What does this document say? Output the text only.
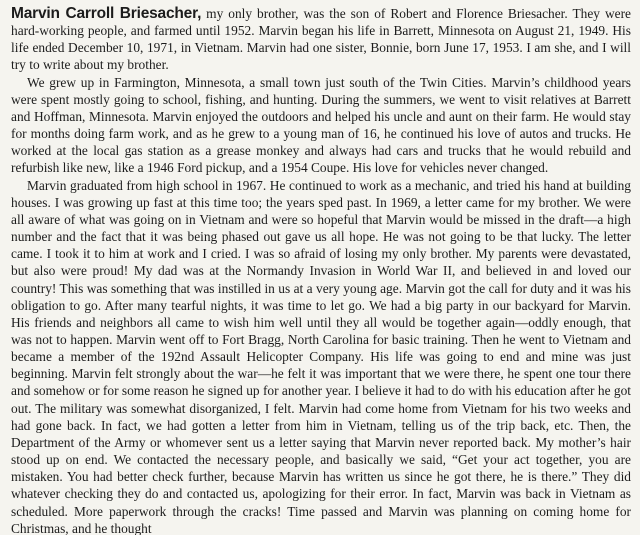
Marvin Carroll Briesacher, my only brother, was the son of Robert and Florence Briesacher. They were hard-working people, and farmed until 1952. Marvin began his life in Barrett, Minnesota on August 21, 1949. His life ended December 10, 1971, in Vietnam. Marvin had one sister, Bonnie, born June 17, 1953. I am she, and I will try to write about my brother.

We grew up in Farmington, Minnesota, a small town just south of the Twin Cities. Marvin’s childhood years were spent mostly going to school, fishing, and hunting. During the summers, we went to visit relatives at Barrett and Hoffman, Minnesota. Marvin enjoyed the outdoors and helped his uncle and aunt on their farm. He would stay for months doing farm work, and as he grew to a young man of 16, he continued his love of autos and trucks. He worked at the local gas station as a grease monkey and always had cars and trucks that he would rebuild and refurbish like new, like a 1946 Ford pickup, and a 1954 Coupe. His love for vehicles never changed.

Marvin graduated from high school in 1967. He continued to work as a mechanic, and tried his hand at building houses. I was growing up fast at this time too; the years sped past. In 1969, a letter came for my brother. We were all aware of what was going on in Vietnam and were so hopeful that Marvin would be missed in the draft—a high number and the fact that it was being phased out gave us all hope. He was not going to be that lucky. The letter came. I took it to him at work and I cried. I was so afraid of losing my only brother. My parents were devastated, but also were proud! My dad was at the Normandy Invasion in World War II, and believed in and loved our country! This was something that was instilled in us at a very young age. Marvin got the call for duty and it was his obligation to go. After many tearful nights, it was time to let go. We had a big party in our backyard for Marvin. His friends and neighbors all came to wish him well until they all would be together again—oddly enough, that was not to happen. Marvin went off to Fort Bragg, North Carolina for basic training. Then he went to Vietnam and became a member of the 192nd Assault Helicopter Company. His life was going to end and mine was just beginning. Marvin felt strongly about the war—he felt it was important that we were there, he spent one tour there and somehow or for some reason he signed up for another year. I believe it had to do with his education after he got out. The military was somewhat disorganized, I felt. Marvin had come home from Vietnam for his two weeks and had gone back. In fact, we had gotten a letter from him in Vietnam, telling us of the trip back, etc. Then, the Department of the Army or whomever sent us a letter saying that Marvin never reported back. My mother’s hair stood up on end. We contacted the necessary people, and basically we said, “Get your act together, you are mistaken. You had better check further, because Marvin has written us since he got there, he is there.” They did whatever checking they do and contacted us, apologizing for their error. In fact, Marvin was back in Vietnam as scheduled. More paperwork through the cracks! Time passed and Marvin was planning on coming home for Christmas, and he thought
